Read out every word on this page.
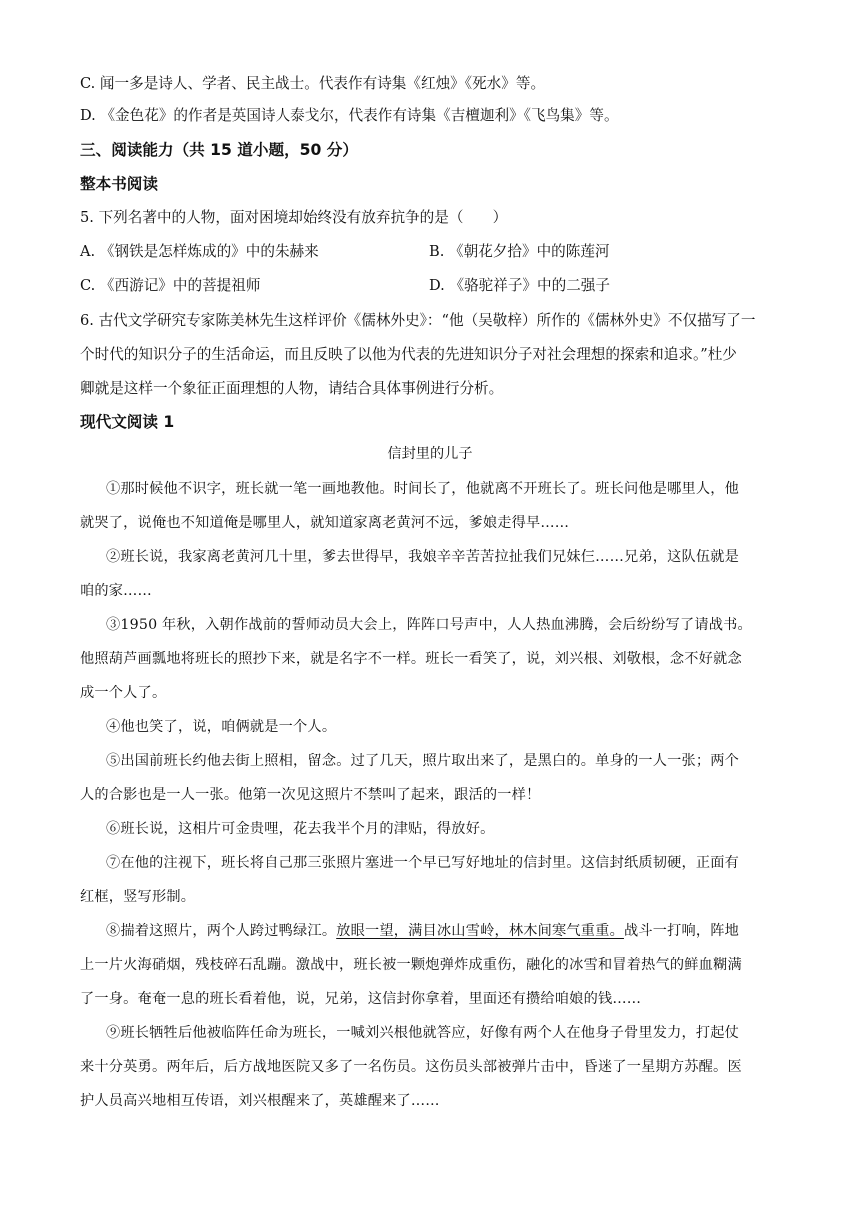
C. 闻一多是诗人、学者、民主战士。代表作有诗集《红烛》《死水》等。
D. 《金色花》的作者是英国诗人泰戈尔，代表作有诗集《吉檀迦利》《飞鸟集》等。
三、阅读能力（共 15 道小题，50 分）
整本书阅读
5. 下列名著中的人物，面对困境却始终没有放弃抗争的是（　　）
A. 《钢铁是怎样炼成的》中的朱赫来	B. 《朝花夕拾》中的陈莲河
C. 《西游记》中的菩提祖师	D. 《骆驼祥子》中的二强子
6. 古代文学研究专家陈美林先生这样评价《儒林外史》：“他（吴敬梓）所作的《儒林外史》不仅描写了一
个时代的知识分子的生活命运，而且反映了以他为代表的先进知识分子对社会理想的探索和追求。”杜少
卿就是这样一个象征正面理想的人物，请结合具体事例进行分析。
现代文阅读 1
信封里的儿子
①那时候他不识字，班长就一笔一画地教他。时间长了，他就离不开班长了。班长问他是哪里人，他
就哭了，说俺也不知道俺是哪里人，就知道家离老黄河不远，爹娘走得早……
②班长说，我家离老黄河几十里，爹去世得早，我娘辛辛苦苦拉扯我们兄妹仨……兄弟，这队伍就是
咱的家……
③1950 年秋，入朝作战前的誓师动员大会上，阵阵口号声中，人人热血沸腾，会后纷纷写了请战书。
他照葫芦画瓢地将班长的照抄下来，就是名字不一样。班长一看笑了，说，刘兴根、刘敬根，念不好就念
成一个人了。
④他也笑了，说，咱俩就是一个人。
⑤出国前班长约他去街上照相，留念。过了几天，照片取出来了，是黑白的。单身的一人一张；两个
人的合影也是一人一张。他第一次见这照片不禁叫了起来，跟活的一样！
⑥班长说，这相片可金贵哩，花去我半个月的津贴，得放好。
⑦在他的注视下，班长将自己那三张照片塞进一个早已写好地址的信封里。这信封纸质韧硬，正面有
红框，竖写形制。
⑧揣着这照片，两个人跨过鸭绿江。放眼一望，满目冰山雪岭，林木间寒气重重。战斗一打响，阵地
上一片火海硝烟，残枝碎石乱蹦。激战中，班长被一颗炮弹炸成重伤，融化的冰雪和冒着热气的鲜血糊满
了一身。奄奄一息的班长看着他，说，兄弟，这信封你拿着，里面还有攒给咱娘的钱……
⑨班长牺牲后他被临阵任命为班长，一喊刘兴根他就答应，好像有两个人在他身子骨里发力，打起仗
来十分英勇。两年后，后方战地医院又多了一名伤员。这伤员头部被弹片击中，昏迷了一星期方苏醒。医
护人员高兴地相互传语，刘兴根醒来了，英雄醒来了……
